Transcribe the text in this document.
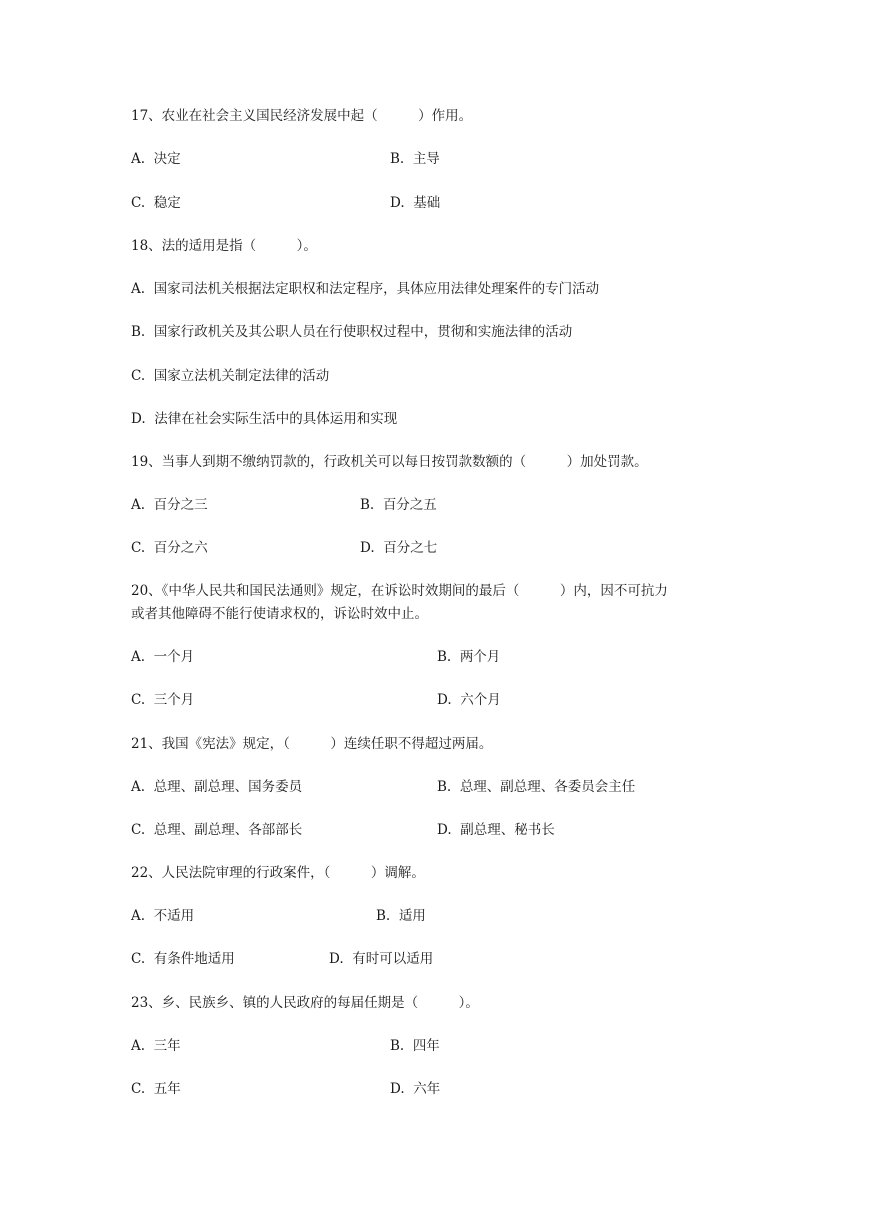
17、农业在社会主义国民经济发展中起（　　　）作用。
A. 决定	B. 主导
C. 稳定	D. 基础
18、法的适用是指（　　　）。
A. 国家司法机关根据法定职权和法定程序，具体应用法律处理案件的专门活动
B. 国家行政机关及其公职人员在行使职权过程中，贯彻和实施法律的活动
C. 国家立法机关制定法律的活动
D. 法律在社会实际生活中的具体运用和实现
19、当事人到期不缴纳罚款的，行政机关可以每日按罚款数额的（　　　）加处罚款。
A. 百分之三	B. 百分之五
C. 百分之六	D. 百分之七
20、《中华人民共和国民法通则》规定，在诉讼时效期间的最后（　　　）内，因不可抗力
或者其他障碍不能行使请求权的，诉讼时效中止。
A. 一个月	B. 两个月
C. 三个月	D. 六个月
21、我国《宪法》规定，（　　　）连续任职不得超过两届。
A. 总理、副总理、国务委员	B. 总理、副总理、各委员会主任
C. 总理、副总理、各部部长	D. 副总理、秘书长
22、人民法院审理的行政案件，（　　　）调解。
A. 不适用	B. 适用
C. 有条件地适用	D. 有时可以适用
23、乡、民族乡、镇的人民政府的每届任期是（　　　）。
A. 三年	B. 四年
C. 五年	D. 六年
